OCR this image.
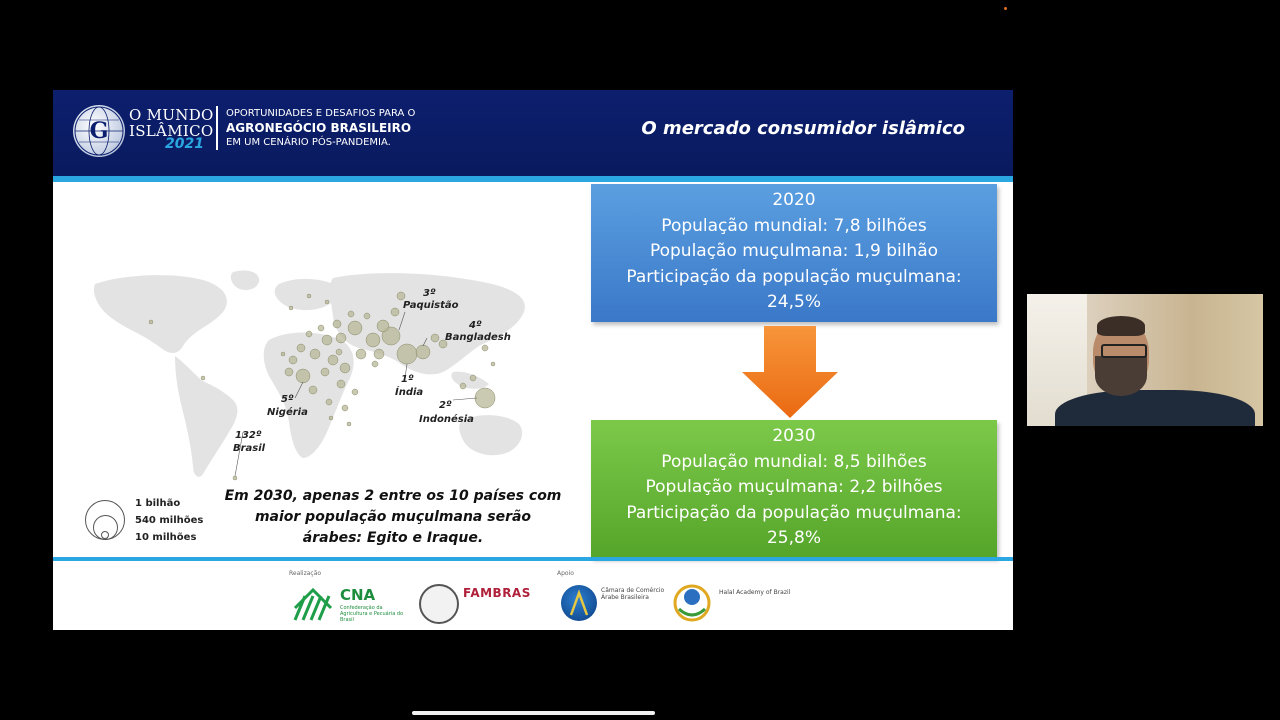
G
O MUNDO
ISLÂMICO
2021
OPORTUNIDADES E DESAFIOS PARA O
AGRONEGÓCIO BRASILEIRO
EM UM CENÁRIO PÓS-PANDEMIA.
O mercado consumidor islâmico
3º
Paquistão
4º
Bangladesh
1º
Índia
5º
Nigéria
2º
Indonésia
132º
Brasil
1 bilhão
540 milhões
10 milhões
Em 2030, apenas 2 entre os 10 países com maior população muçulmana serão árabes: Egito e Iraque.
2020
População mundial: 7,8 bilhões
População muçulmana: 1,9 bilhão
Participação da população muçulmana:
24,5%
2030
População mundial: 8,5 bilhões
População muçulmana: 2,2 bilhões
Participação da população muçulmana:
25,8%
Realização	Apoio
CNA
Confederação da Agricultura e Pecuária do Brasil
FAMBRAS	Câmara de Comércio Árabe Brasileira
Halal Academy of Brazil
